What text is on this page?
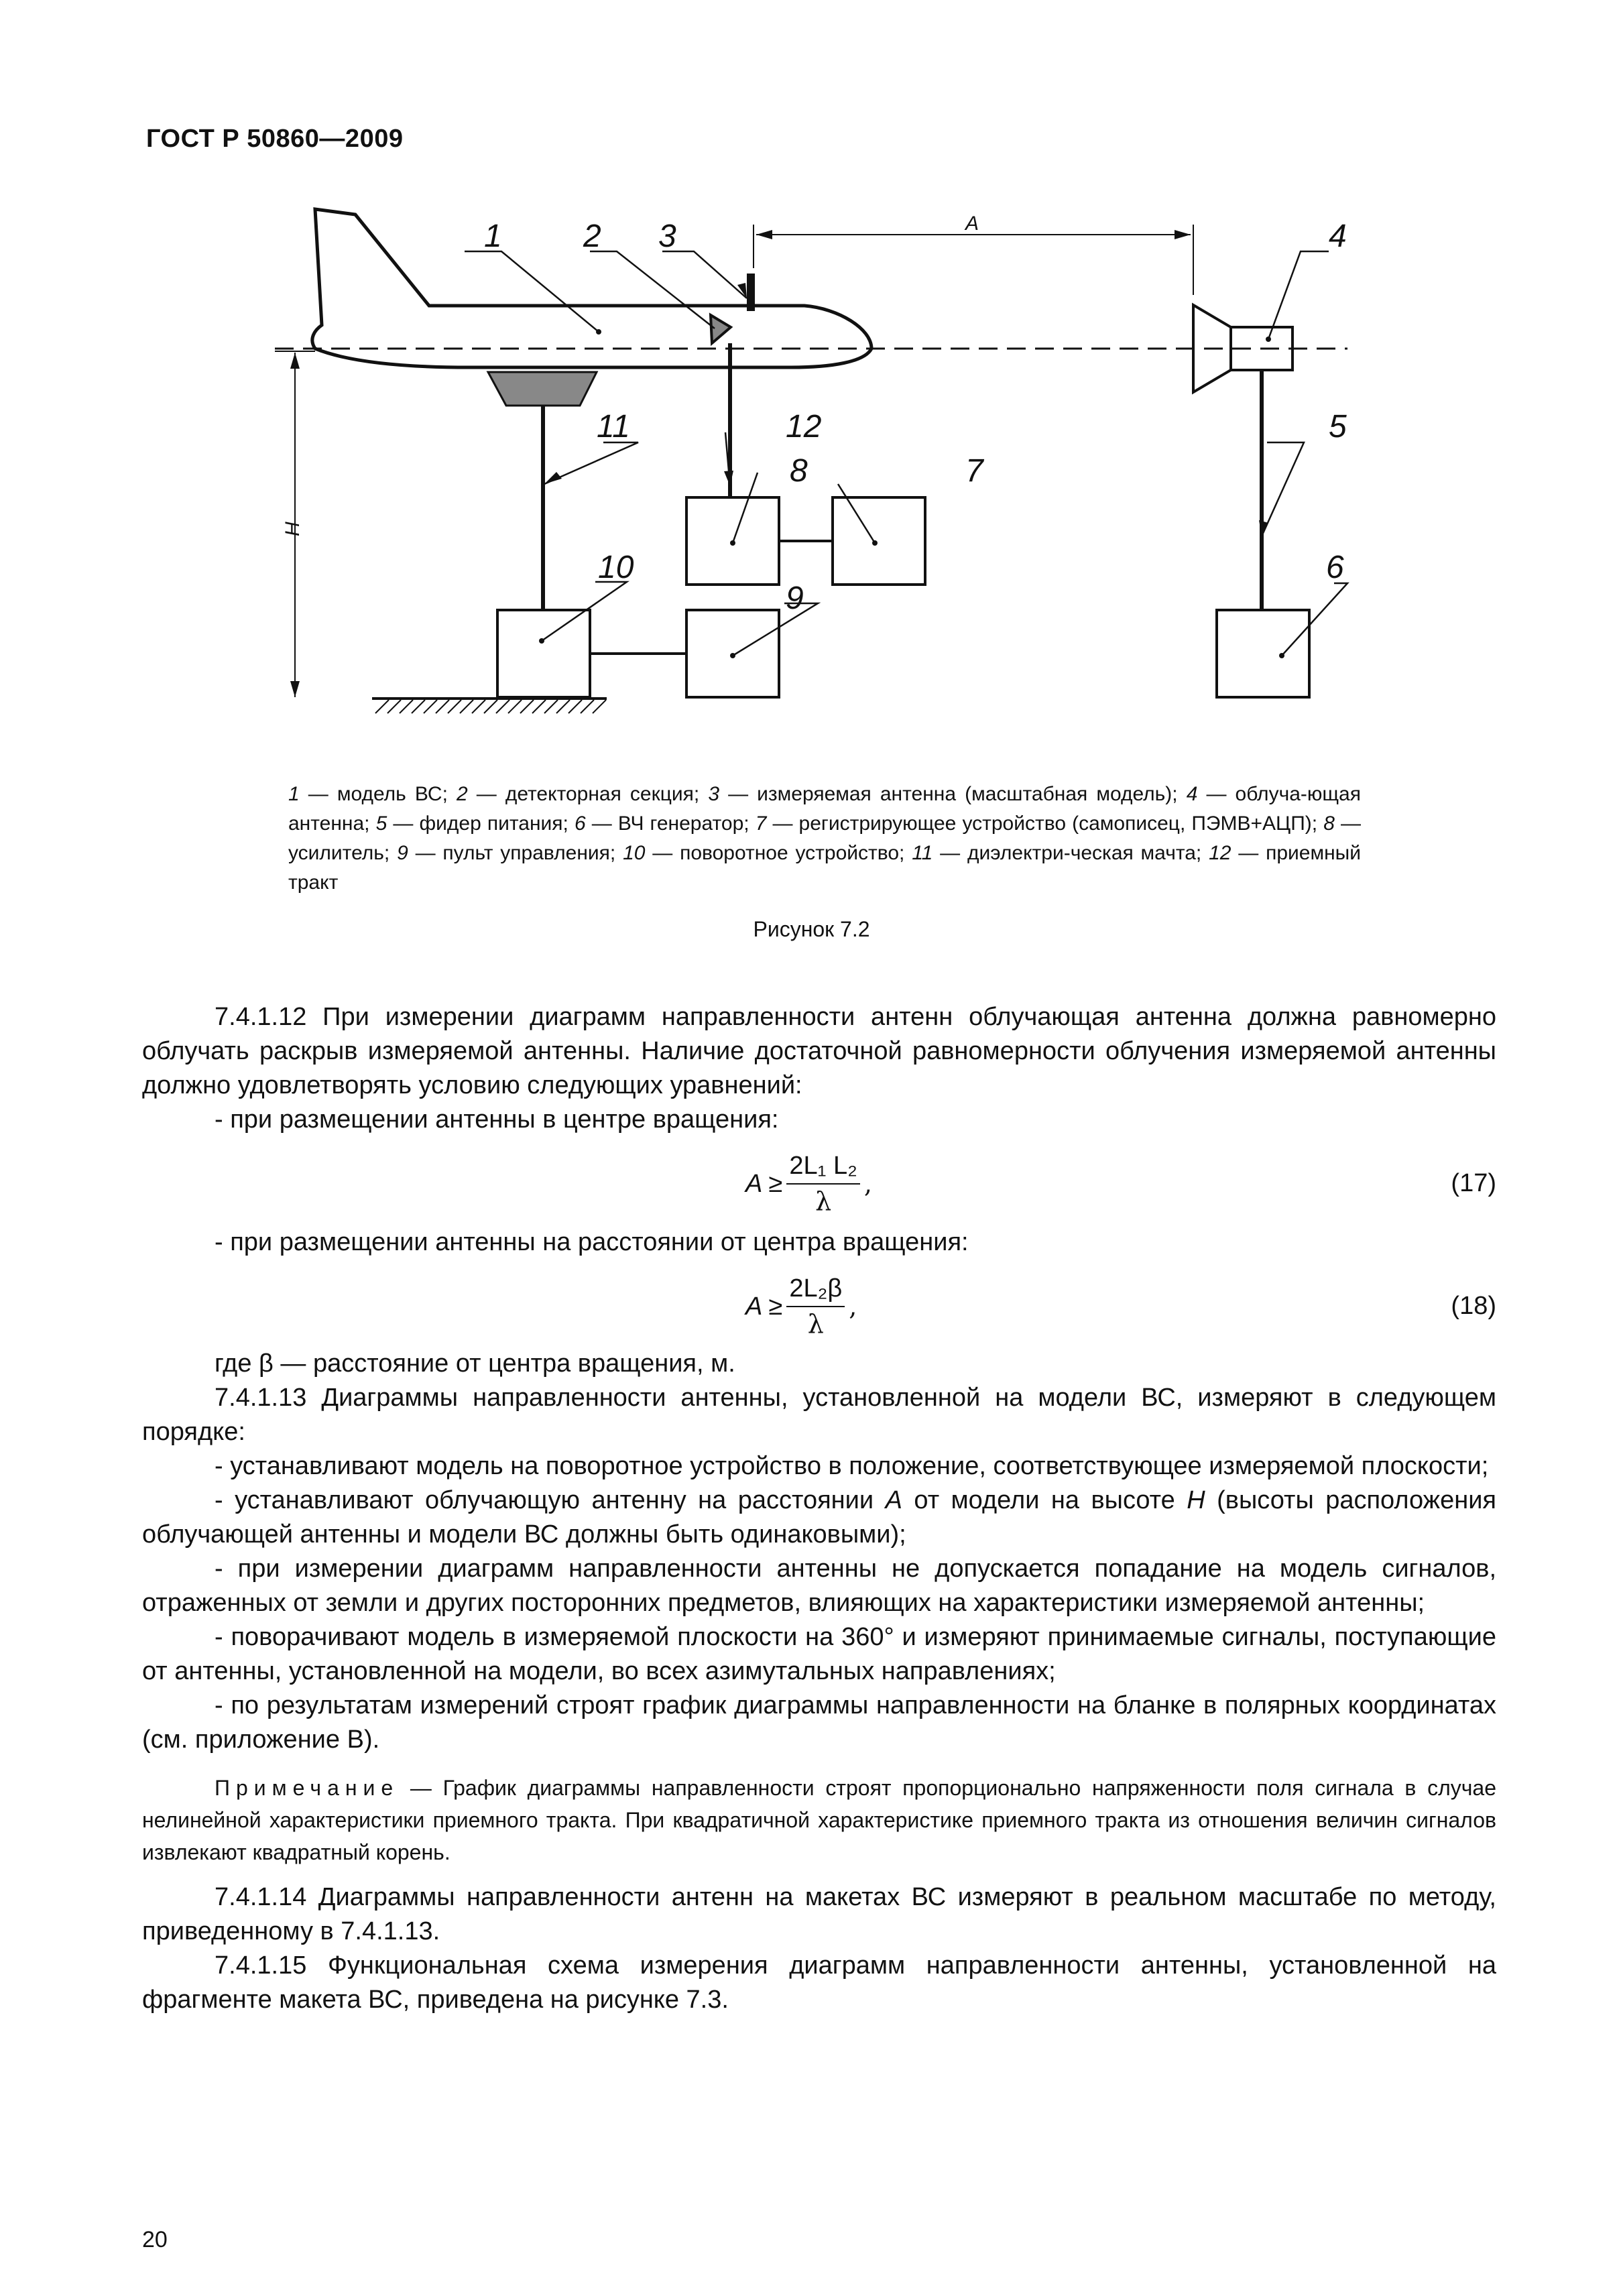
ГОСТ Р 50860—2009
A
H
1	2 3	4
5
6
7
8
9
10
11	12
1 — модель ВС; 2 — детекторная секция; 3 — измеряемая антенна (масштабная модель); 4 — облуча-ющая антенна; 5 — фидер питания; 6 — ВЧ генератор; 7 — регистрирующее устройство (самописец, ПЭМВ+АЦП); 8 — усилитель; 9 — пульт управления; 10 — поворотное устройство; 11 — диэлектри-ческая мачта; 12 — приемный тракт
Рисунок 7.2

7.4.1.12 При измерении диаграмм направленности антенн облучающая антенна должна равномерно облучать раскрыв измеряемой антенны. Наличие достаточной равномерности облучения измеряемой антенны должно удовлетворять условию следующих уравнений:

- при размещении антенны в центре вращения:

$A \ge \frac{\text{2L₁ L₂}}{\lambda}$ ,	(17)

- при размещении антенны на расстоянии от центра вращения:

$A \ge \frac{\text{2L₂β}}{\lambda}$ ,	(18)

где β — расстояние от центра вращения, м.

7.4.1.13 Диаграммы направленности антенны, установленной на модели ВС, измеряют в следующем порядке:

- устанавливают модель на поворотное устройство в положение, соответствующее измеряемой плоскости;

- устанавливают облучающую антенну на расстоянии A от модели на высоте H (высоты расположения облучающей антенны и модели ВС должны быть одинаковыми);

- при измерении диаграмм направленности антенны не допускается попадание на модель сигналов, отраженных от земли и других посторонних предметов, влияющих на характеристики измеряемой антенны;

- поворачивают модель в измеряемой плоскости на 360° и измеряют принимаемые сигналы, поступающие от антенны, установленной на модели, во всех азимутальных направлениях;

- по результатам измерений строят график диаграммы направленности на бланке в полярных координатах (см. приложение В).

Примечание — График диаграммы направленности строят пропорционально напряженности поля сигнала в случае нелинейной характеристики приемного тракта. При квадратичной характеристике приемного тракта из отношения величин сигналов извлекают квадратный корень.

7.4.1.14 Диаграммы направленности антенн на макетах ВС измеряют в реальном масштабе по методу, приведенному в 7.4.1.13.

7.4.1.15 Функциональная схема измерения диаграмм направленности антенны, установленной на фрагменте макета ВС, приведена на рисунке 7.3.

20
